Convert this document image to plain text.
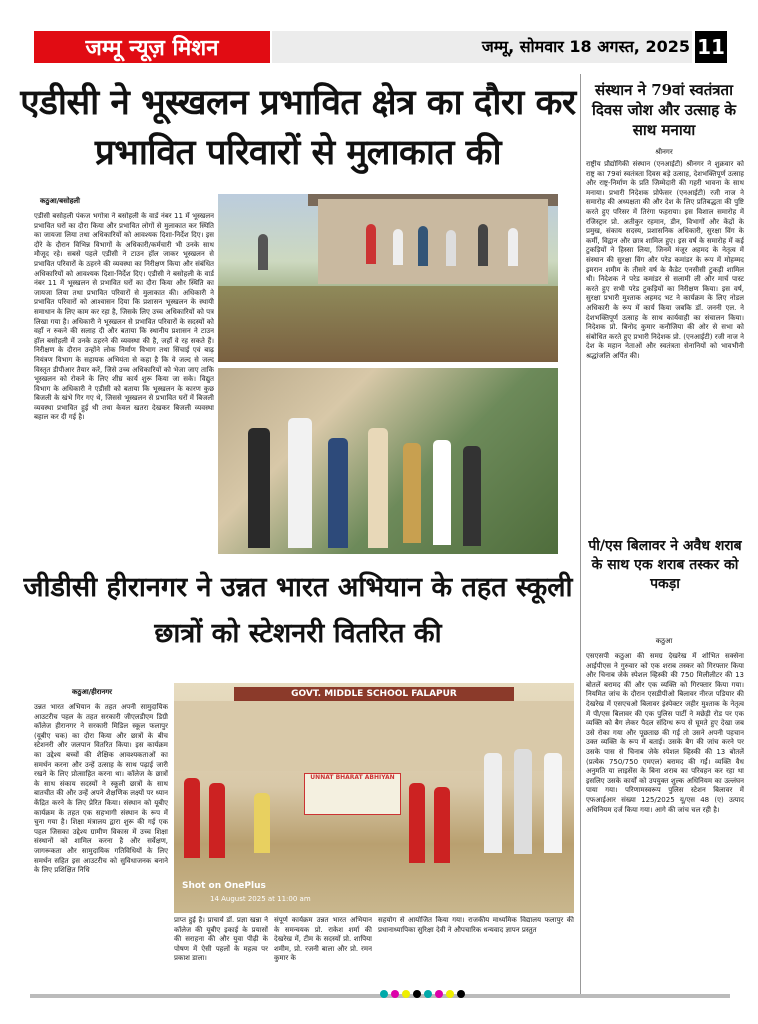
जम्मू न्यूज़ मिशन	जम्मू, सोमवार 18 अगस्त, 2025 11
एडीसी ने भूस्खलन प्रभावित क्षेत्र का दौरा कर प्रभावित परिवारों से मुलाकात की
कठुआ/बसोहली
एडीसी बसोहली पंकज भगोत्रा ने बसोहली के वार्ड नंबर 11 में भूस्खलन प्रभावित घरों का दौरा किया और प्रभावित लोगों से मुलाकात कर स्थिति का जायजा लिया तथा अधिकारियों को आवश्यक दिशा-निर्देश दिए। इस दौरे के दौरान विभिन्न विभागों के अधिकारी/कर्मचारी भी उनके साथ मौजूद रहे। सबसे पहले एडीसी ने टाउन हॉल जाकर भूस्खलन से प्रभावित परिवारों के ठहरने की व्यवस्था का निरीक्षण किया और संबंधित अधिकारियों को आवश्यक दिशा-निर्देश दिए। एडीसी ने बसोहली के वार्ड नंबर 11 में भूस्खलन से प्रभावित घरों का दौरा किया और स्थिति का जायजा लिया तथा प्रभावित परिवारों से मुलाकात की। अधिकारी ने प्रभावित परिवारों को आश्वासन दिया कि प्रशासन भूस्खलन के स्थायी समाधान के लिए काम कर रहा है, जिसके लिए उच्च अधिकारियों को पत्र लिखा गया है। अधिकारी ने भूस्खलन से प्रभावित परिवारों के सदस्यों को वहाँ न रुकने की सलाह दी और बताया कि स्थानीय प्रशासन ने टाउन हॉल बसोहली में उनके ठहरने की व्यवस्था की है, जहाँ वे रह सकते हैं। निरीक्षण के दौरान उन्होंने लोक निर्माण विभाग तथा सिंचाई एवं बाढ़ नियंत्रण विभाग के सहायक अभियंता से कहा है कि वे जल्द से जल्द विस्तृत डीपीआर तैयार करें, जिसे उच्च अधिकारियों को भेजा जाए ताकि भूस्खलन को रोकने के लिए शीघ्र कार्य शुरू किया जा सके। विद्युत विभाग के अधिकारी ने एडीसी को बताया कि भूस्खलन के कारण कुछ बिजली के खंभे गिर गए थे, जिससे भूस्खलन से प्रभावित घरों में बिजली व्यवस्था प्रभावित हुई थी तथा केवल खतरा देखकर बिजली व्यवस्था बहाल कर दी गई है।
संस्थान ने 79वां स्वतंत्रता दिवस जोश और उत्साह के साथ मनाया
श्रीनगर
राष्ट्रीय प्रौद्योगिकी संस्थान (एनआईटी) श्रीनगर ने शुक्रवार को राष्ट्र का 79वां स्वतंत्रता दिवस बड़े उत्साह, देशभक्तिपूर्ण उत्साह और राष्ट्र-निर्माण के प्रति जिम्मेदारी की गहरी भावना के साथ मनाया। प्रभारी निदेशक प्रोफेसर (एनआईटी) रजी नाज ने समारोह की अध्यक्षता की और देश के लिए प्रतिबद्धता की पुष्टि करते हुए परिसर में तिरंगा फहराया। इस विशाल समारोह में रजिस्ट्रार प्रो. अतीकुर रहमान, डीन, विभागों और केंद्रों के प्रमुख, संकाय सदस्य, प्रशासनिक अधिकारी, सुरक्षा विंग के कर्मी, विद्वान और छात्र शामिल हुए। इस वर्ष के समारोह में कई टुकड़ियों ने हिस्सा लिया, जिनमें मंजूर अहमद के नेतृत्व में संस्थान की सुरक्षा विंग और परेड कमांडर के रूप में मोहम्मद इमरान शमीम के तीसरे वर्ष के कैडेट एनसीसी टुकड़ी शामिल थी। निदेशक ने परेड कमांडर से सलामी ली और मार्च पास्ट करते हुए सभी परेड टुकड़ियों का निरीक्षण किया। इस वर्ष, सुरक्षा प्रभारी मुश्ताक अहमद भट ने कार्यक्रम के लिए नोडल अधिकारी के रूप में कार्य किया जबकि डॉ. जननी एल. ने देशभक्तिपूर्ण उत्साह के साथ कार्यवाही का संचालन किया। निदेशक प्रो. बिनोद कुमार कनौजिया की ओर से सभा को संबोधित करते हुए प्रभारी निदेशक प्रो. (एनआईटी) रजी नाज ने देश के महान नेताओं और स्वतंत्रता सेनानियों को भावभीनी श्रद्धांजलि अर्पित की।
पी/एस बिलावर ने अवैध शराब के साथ एक शराब तस्कर को पकड़ा
कठुआ
एसएसपी कठुआ की समग्र देखरेख में शोभित सक्सेना आईपीएस ने गुरुवार को एक शराब तस्कर को गिरफ्तार किया और चिनाब जेके स्पेशल व्हिस्की की 750 मिलीलीटर की 13 बोतलें बरामद कीं और एक व्यक्ति को गिरफ्तार किया गया। नियमित जांच के दौरान एसडीपीओ बिलावर नीरज पडियार की देखरेख में एसएचओ बिलावर इंस्पेक्टर जहीर मुश्ताक के नेतृत्व में पी/एस बिलावर की एक पुलिस पार्टी ने मछेड़ी रोड पर एक व्यक्ति को बैग लेकर पैदल संदिग्ध रूप से घूमते हुए देखा जब उसे रोका गया और पूछताछ की गई तो उसने अपनी पहचान उक्त व्यक्ति के रूप में बताई। उसके बैग की जांच करने पर उसके पास से चिनाब जेके स्पेशल व्हिस्की की 13 बोतलें (प्रत्येक 750/750 एमएल) बरामद की गईं। व्यक्ति वैध अनुमति या लाइसेंस के बिना शराब का परिवहन कर रहा था इसलिए उसके कार्यों को उपयुक्त शुल्क अधिनियम का उल्लंघन पाया गया। परिणामस्वरूप पुलिस स्टेशन बिलावर में एफआईआर संख्या 125/2025 यू/एस 48 (ए) उत्पाद अधिनियम दर्ज किया गया। आगे की जांच चल रही है।
जीडीसी हीरानगर ने उन्नत भारत अभियान के तहत स्कूली छात्रों को स्टेशनरी वितरित की
कठुआ/हीरानगर
उन्नत भारत अभियान के तहत अपनी सामुदायिक आउटरीच पहल के तहत सरकारी जीएलडीएम डिग्री कॉलेज हीरानगर ने सरकारी मिडिल स्कूल फलापुर (यूबीए चक) का दौरा किया और छात्रों के बीच स्टेशनरी और जलपान वितरित किया। इस कार्यक्रम का उद्देश्य बच्चों की शैक्षिक आवश्यकताओं का समर्थन करना और उन्हें उत्साह के साथ पढ़ाई जारी रखने के लिए प्रोत्साहित करना था। कॉलेज के छात्रों के साथ संकाय सदस्यों ने स्कूली छात्रों के साथ बातचीत की और उन्हें अपने शैक्षणिक लक्ष्यों पर ध्यान केंद्रित करने के लिए प्रेरित किया। संस्थान को यूबीए कार्यक्रम के तहत एक सहभागी संस्थान के रूप में चुना गया है। शिक्षा मंत्रालय द्वारा शुरू की गई एक पहल जिसका उद्देश्य ग्रामीण विकास में उच्च शिक्षा संस्थानों को शामिल करना है और सर्वेक्षण, जागरूकता और सामुदायिक गतिविधियों के लिए समर्थन सहित इस आउटरीच को सुविधाजनक बनाने के लिए प्रशिक्षित निधि
GOVT. MIDDLE SCHOOL FALAPUR
UNNAT BHARAT ABHIYAN
Shot on OnePlus
14 August 2025 at 11:00 am
प्राप्त हुई है। प्राचार्य डॉ. प्रज्ञा खन्ना ने कॉलेज की यूबीए इकाई के प्रयासों की सराहना की और युवा पीढ़ी के पोषण में ऐसी पहलों के महत्व पर प्रकाश डाला।
संपूर्ण कार्यक्रम उन्नत भारत अभियान के समन्वयक प्रो. राकेश शर्मा की देखरेख में, टीम के सदस्यों प्रो. शापिया शमीम, प्रो. रजनी बाला और प्रो. रमन कुमार के
सहयोग से आयोजित किया गया। राजकीय माध्यमिक विद्यालय फलापुर की प्रधानाध्यापिका सुरिक्षा देवी ने औपचारिक धन्यवाद ज्ञापन प्रस्तुत
